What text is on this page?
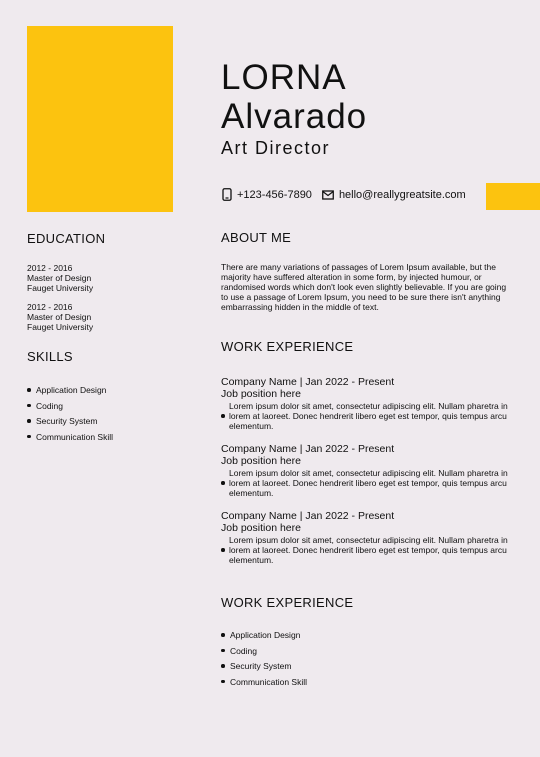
LORNA
Alvarado
Art Director
+123-456-7890 hello@reallygreatsite.com
EDUCATION
2012 - 2016
Master of Design
Fauget University
2012 - 2016
Master of Design
Fauget University
SKILLS
Application Design
Coding
Security System
Communication Skill
ABOUT ME
There are many variations of passages of Lorem Ipsum available, but the majority have suffered alteration in some form, by injected humour, or randomised words which don't look even slightly believable. If you are going to use a passage of Lorem Ipsum, you need to be sure there isn't anything embarrassing hidden in the middle of text.
WORK EXPERIENCE
Company Name | Jan 2022 - Present
Job position here
Lorem ipsum dolor sit amet, consectetur adipiscing elit. Nullam pharetra in lorem at laoreet. Donec hendrerit libero eget est tempor, quis tempus arcu elementum.
Company Name | Jan 2022 - Present
Job position here
Lorem ipsum dolor sit amet, consectetur adipiscing elit. Nullam pharetra in lorem at laoreet. Donec hendrerit libero eget est tempor, quis tempus arcu elementum.
Company Name | Jan 2022 - Present
Job position here
Lorem ipsum dolor sit amet, consectetur adipiscing elit. Nullam pharetra in lorem at laoreet. Donec hendrerit libero eget est tempor, quis tempus arcu elementum.
WORK EXPERIENCE
Application Design
Coding
Security System
Communication Skill
